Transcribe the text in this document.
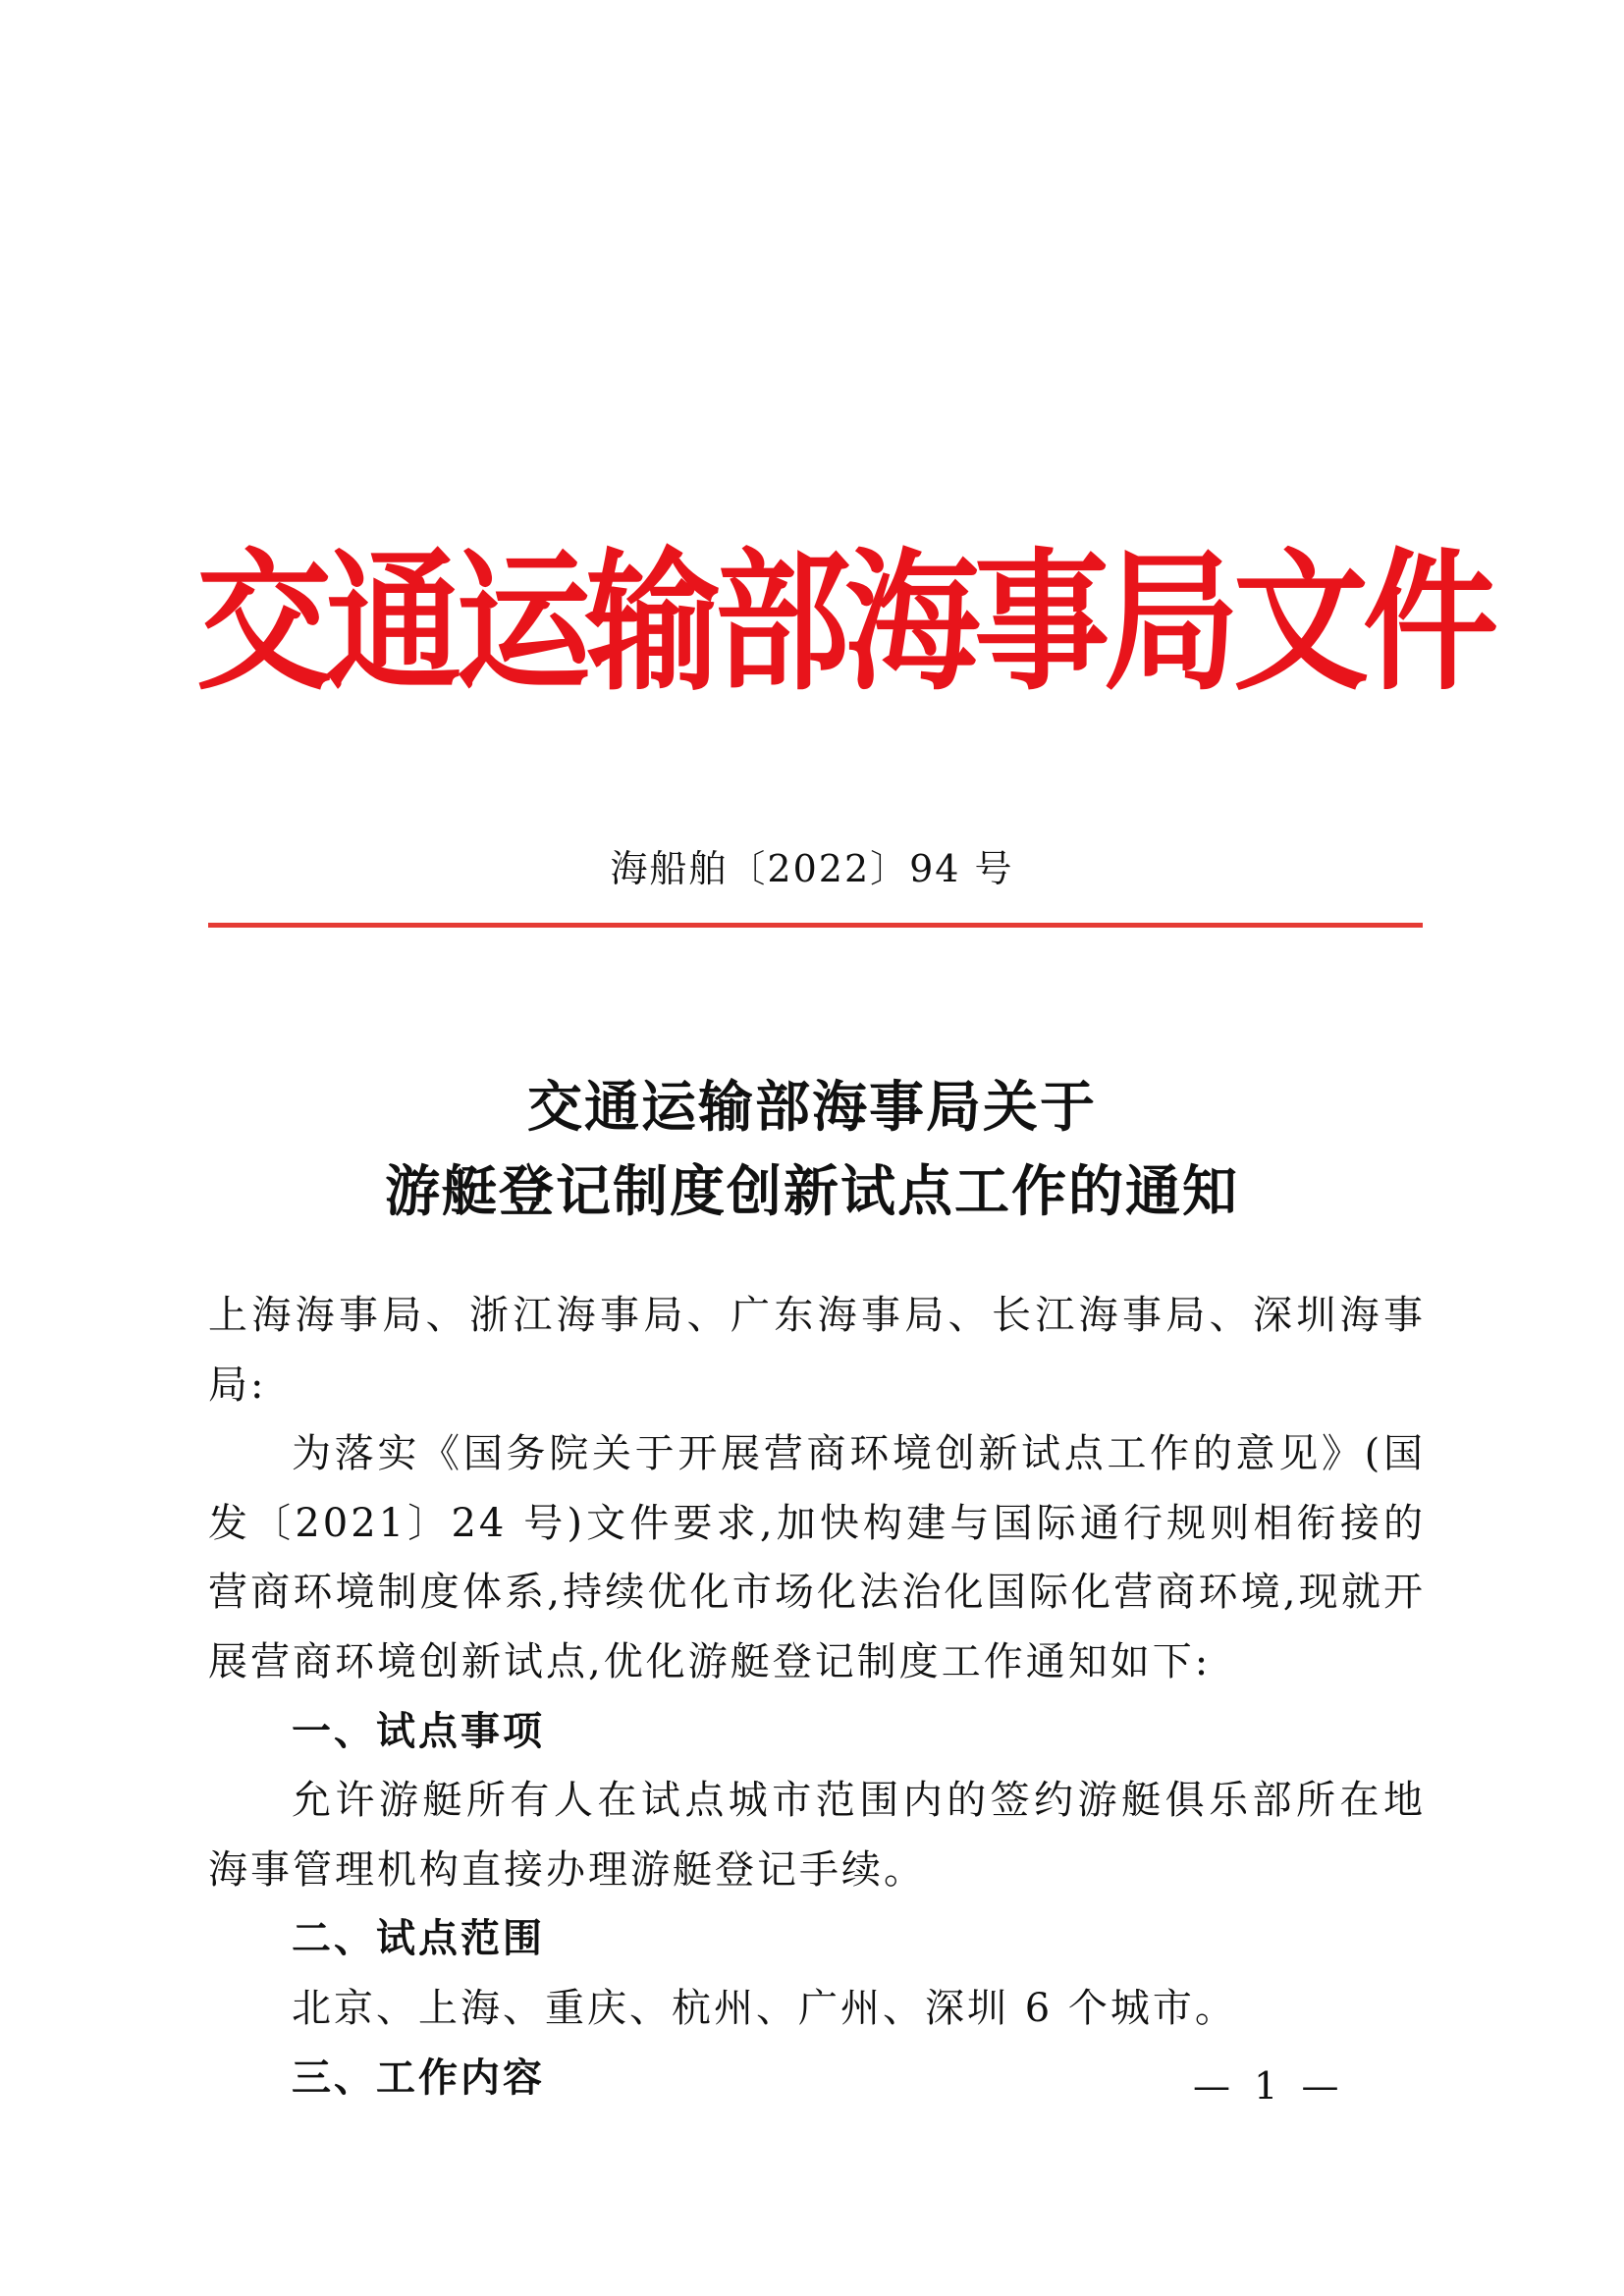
交通运输部海事局文件
海船舶〔2022〕94 号
交通运输部海事局关于
游艇登记制度创新试点工作的通知

上海海事局、浙江海事局、广东海事局、长江海事局、深圳海事局:

为落实《国务院关于开展营商环境创新试点工作的意见》(国发〔2021〕24 号)文件要求,加快构建与国际通行规则相衔接的营商环境制度体系,持续优化市场化法治化国际化营商环境,现就开展营商环境创新试点,优化游艇登记制度工作通知如下:

一、试点事项

允许游艇所有人在试点城市范围内的签约游艇俱乐部所在地海事管理机构直接办理游艇登记手续。

二、试点范围

北京、上海、重庆、杭州、广州、深圳 6 个城市。

三、工作内容	—  1  —
